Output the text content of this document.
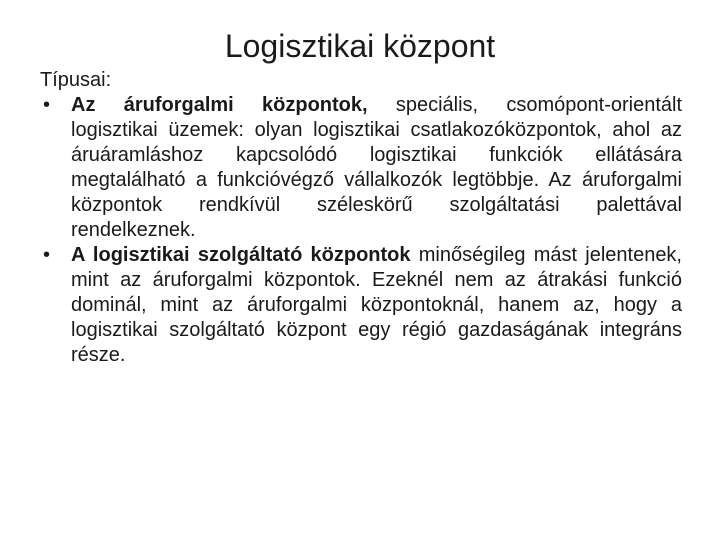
Logisztikai központ

Típusai:

• Az áruforgalmi központok, speciális, csomópont-orientált logisztikai üzemek: olyan logisztikai csatlakozóközpontok, ahol az áruáramláshoz kapcsolódó logisztikai funkciók ellátására megtalálható a funkcióvégző vállalkozók legtöbbje. Az áruforgalmi központok rendkívül széleskörű szolgáltatási palettával rendelkeznek.
• A logisztikai szolgáltató központok minőségileg mást jelentenek, mint az áruforgalmi központok. Ezeknél nem az átrakási funkció dominál, mint az áruforgalmi központoknál, hanem az, hogy a logisztikai szolgáltató központ egy régió gazdaságának integráns része.
